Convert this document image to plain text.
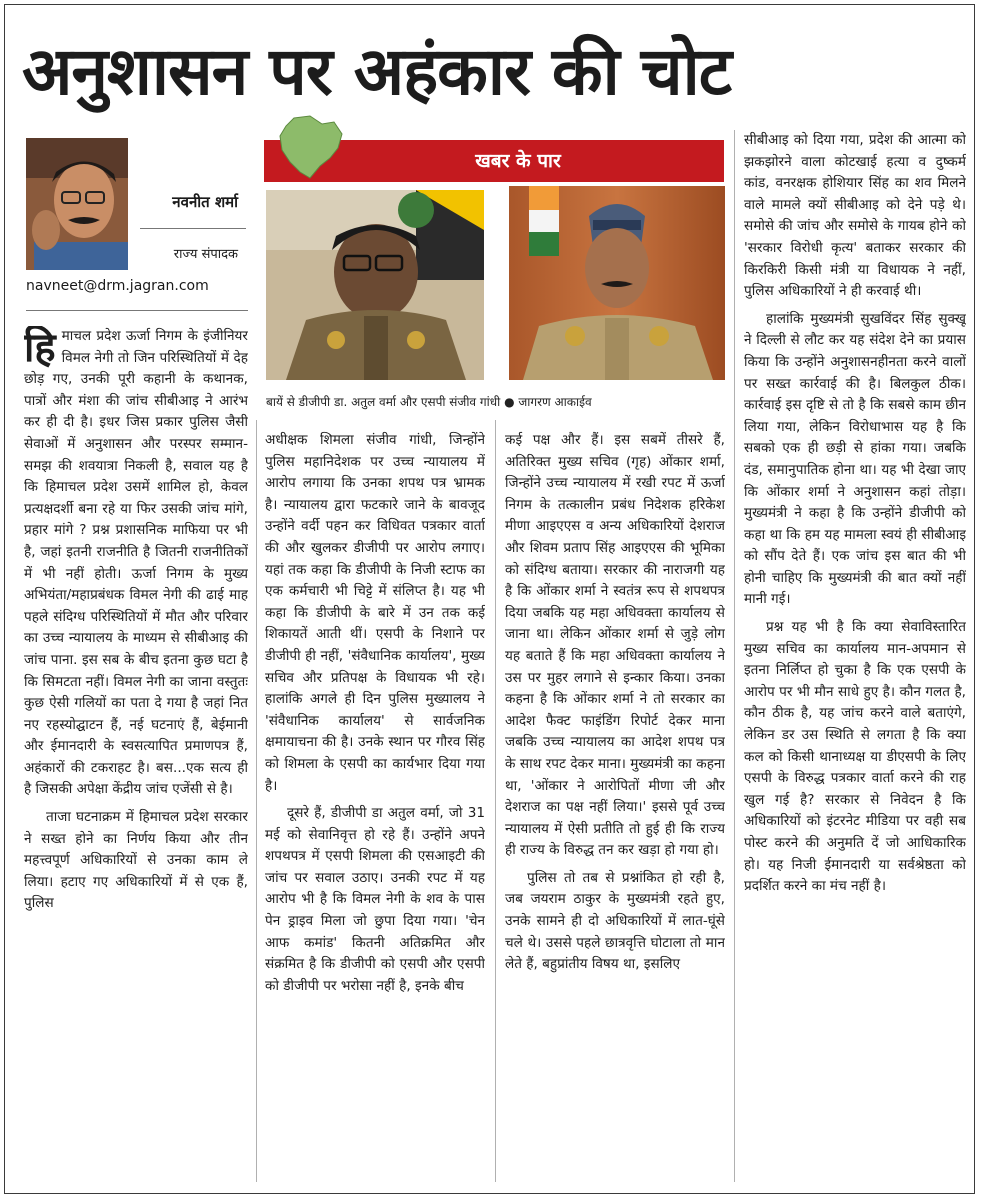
अनुशासन पर अहंकार की चोट
नवनीत शर्मा
राज्य संपादक
navneet@drm.jagran.com
खबर के पार
बायें से डीजीपी डा. अतुल वर्मा और एसपी संजीव गांधी ● जागरण आकाईव

हिमाचल प्रदेश ऊर्जा निगम के इंजीनियर विमल नेगी तो जिन परिस्थितियों में देह छोड़ गए, उनकी पूरी कहानी के कथानक, पात्रों और मंशा की जांच सीबीआइ ने आरंभ कर ही दी है। इधर जिस प्रकार पुलिस जैसी सेवाओं में अनुशासन और परस्पर सम्मान-समझ की शवयात्रा निकली है, सवाल यह है कि हिमाचल प्रदेश उसमें शामिल हो, केवल प्रत्यक्षदर्शी बना रहे या फिर उसकी जांच मांगे, प्रहार मांगे ? प्रश्न प्रशासनिक माफिया पर भी है, जहां इतनी राजनीति है जितनी राजनीतिकों में भी नहीं होती। ऊर्जा निगम के मुख्य अभियंता/महाप्रबंधक विमल नेगी की ढाई माह पहले संदिग्ध परिस्थितियों में मौत और परिवार का उच्च न्यायालय के माध्यम से सीबीआइ की जांच पाना. इस सब के बीच इतना कुछ घटा है कि सिमटता नहीं। विमल नेगी का जाना वस्तुतः कुछ ऐसी गलियों का पता दे गया है जहां नित नए रहस्योद्घाटन हैं, नई घटनाएं हैं, बेईमानी और ईमानदारी के स्वसत्यापित प्रमाणपत्र हैं, अहंकारों की टकराहट है। बस...एक सत्य ही है जिसकी अपेक्षा केंद्रीय जांच एजेंसी से है।

ताजा घटनाक्रम में हिमाचल प्रदेश सरकार ने सख्त होने का निर्णय किया और तीन महत्त्वपूर्ण अधिकारियों से उनका काम ले लिया। हटाए गए अधिकारियों में से एक हैं, पुलिस

अधीक्षक शिमला संजीव गांधी, जिन्होंने पुलिस महानिदेशक पर उच्च न्यायालय में आरोप लगाया कि उनका शपथ पत्र भ्रामक है। न्यायालय द्वारा फटकारे जाने के बावजूद उन्होंने वर्दी पहन कर विधिवत पत्रकार वार्ता की और खुलकर डीजीपी पर आरोप लगाए। यहां तक कहा कि डीजीपी के निजी स्टाफ का एक कर्मचारी भी चिट्टे में संलिप्त है। यह भी कहा कि डीजीपी के बारे में उन तक कई शिकायतें आती थीं। एसपी के निशाने पर डीजीपी ही नहीं, 'संवैधानिक कार्यालय', मुख्य सचिव और प्रतिपक्ष के विधायक भी रहे। हालांकि अगले ही दिन पुलिस मुख्यालय ने 'संवैधानिक कार्यालय' से सार्वजनिक क्षमायाचना की है। उनके स्थान पर गौरव सिंह को शिमला के एसपी का कार्यभार दिया गया है।

दूसरे हैं, डीजीपी डा अतुल वर्मा, जो 31 मई को सेवानिवृत्त हो रहे हैं। उन्होंने अपने शपथपत्र में एसपी शिमला की एसआइटी की जांच पर सवाल उठाए। उनकी रपट में यह आरोप भी है कि विमल नेगी के शव के पास पेन ड्राइव मिला जो छुपा दिया गया। 'चेन आफ कमांड' कितनी अतिक्रमित और संक्रमित है कि डीजीपी को एसपी और एसपी को डीजीपी पर भरोसा नहीं है, इनके बीच

कई पक्ष और हैं। इस सबमें तीसरे हैं, अतिरिक्त मुख्य सचिव (गृह) ओंकार शर्मा, जिन्होंने उच्च न्यायालय में रखी रपट में ऊर्जा निगम के तत्कालीन प्रबंध निदेशक हरिकेश मीणा आइएएस व अन्य अधिकारियों देशराज और शिवम प्रताप सिंह आइएएस की भूमिका को संदिग्ध बताया। सरकार की नाराजगी यह है कि ओंकार शर्मा ने स्वतंत्र रूप से शपथपत्र दिया जबकि यह महा अधिवक्ता कार्यालय से जाना था। लेकिन ओंकार शर्मा से जुड़े लोग यह बताते हैं कि महा अधिवक्ता कार्यालय ने उस पर मुहर लगाने से इन्कार किया। उनका कहना है कि ओंकार शर्मा ने तो सरकार का आदेश फैक्ट फाइंडिंग रिपोर्ट देकर माना जबकि उच्च न्यायालय का आदेश शपथ पत्र के साथ रपट देकर माना। मुख्यमंत्री का कहना था, 'ओंकार ने आरोपितों मीणा जी और देशराज का पक्ष नहीं लिया।' इससे पूर्व उच्च न्यायालय में ऐसी प्रतीति तो हुई ही कि राज्य ही राज्य के विरुद्ध तन कर खड़ा हो गया हो।

पुलिस तो तब से प्रश्नांकित हो रही है, जब जयराम ठाकुर के मुख्यमंत्री रहते हुए, उनके सामने ही दो अधिकारियों में लात-घूंसे चले थे। उससे पहले छात्रवृत्ति घोटाला तो मान लेते हैं, बहुप्रांतीय विषय था, इसलिए

सीबीआइ को दिया गया, प्रदेश की आत्मा को झकझोरने वाला कोटखाई हत्या व दुष्कर्म कांड, वनरक्षक होशियार सिंह का शव मिलने वाले मामले क्यों सीबीआइ को देने पड़े थे। समोसे की जांच और समोसे के गायब होने को 'सरकार विरोधी कृत्य' बताकर सरकार की किरकिरी किसी मंत्री या विधायक ने नहीं, पुलिस अधिकारियों ने ही करवाई थी।

हालांकि मुख्यमंत्री सुखविंदर सिंह सुक्खू ने दिल्ली से लौट कर यह संदेश देने का प्रयास किया कि उन्होंने अनुशासनहीनता करने वालों पर सख्त कार्रवाई की है। बिलकुल ठीक। कार्रवाई इस दृष्टि से तो है कि सबसे काम छीन लिया गया, लेकिन विरोधाभास यह है कि सबको एक ही छड़ी से हांका गया। जबकि दंड, समानुपातिक होना था। यह भी देखा जाए कि ओंकार शर्मा ने अनुशासन कहां तोड़ा। मुख्यमंत्री ने कहा है कि उन्होंने डीजीपी को कहा था कि हम यह मामला स्वयं ही सीबीआइ को सौंप देते हैं। एक जांच इस बात की भी होनी चाहिए कि मुख्यमंत्री की बात क्यों नहीं मानी गई।

प्रश्न यह भी है कि क्या सेवाविस्तारित मुख्य सचिव का कार्यालय मान-अपमान से इतना निर्लिप्त हो चुका है कि एक एसपी के आरोप पर भी मौन साधे हुए है। कौन गलत है, कौन ठीक है, यह जांच करने वाले बताएंगे, लेकिन डर उस स्थिति से लगता है कि क्या कल को किसी थानाध्यक्ष या डीएसपी के लिए एसपी के विरुद्ध पत्रकार वार्ता करने की राह खुल गई है? सरकार से निवेदन है कि अधिकारियों को इंटरनेट मीडिया पर वही सब पोस्ट करने की अनुमति दें जो आधिकारिक हो। यह निजी ईमानदारी या सर्वश्रेष्ठता को प्रदर्शित करने का मंच नहीं है।
